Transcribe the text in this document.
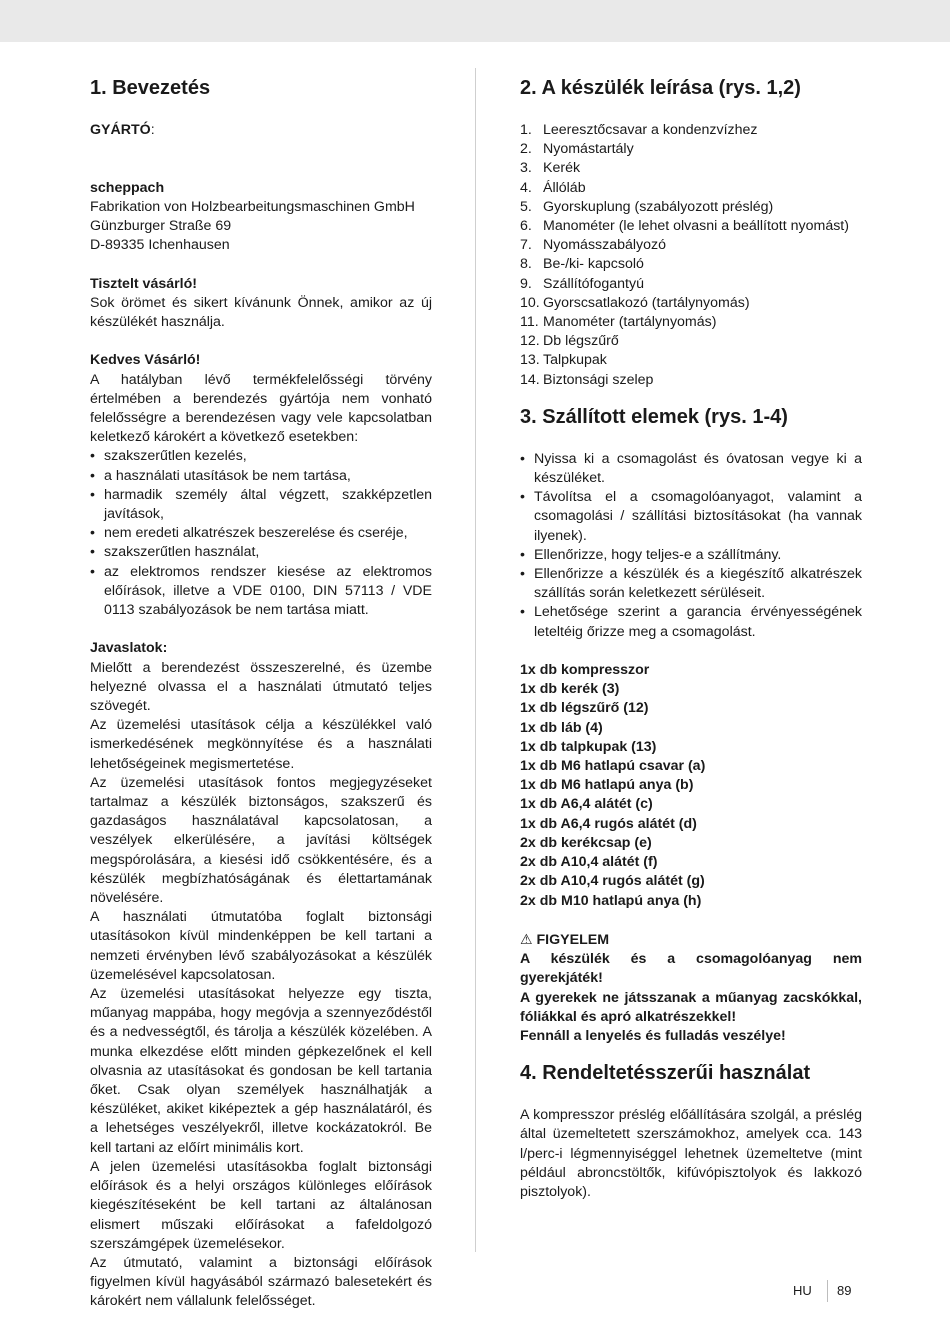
1. Bevezetés

GYÁRTÓ:

scheppach

Fabrikation von Holzbearbeitungsmaschinen GmbH

Günzburger Straße 69

D-89335 Ichenhausen

Tisztelt vásárló!

Sok örömet és sikert kívánunk Önnek, amikor az új készülékét használja.

Kedves Vásárló!

A hatályban lévő termékfelelősségi törvény értelmében a berendezés gyártója nem vonható felelősségre a berendezésen vagy vele kapcsolatban keletkező károkért a következő esetekben:

• szakszerűtlen kezelés,
• a használati utasítások be nem tartása,
• harmadik személy által végzett, szakképzetlen javítások,
• nem eredeti alkatrészek beszerelése és cseréje,
• szakszerűtlen használat,
• az elektromos rendszer kiesése az elektromos előírások, illetve a VDE 0100, DIN 57113 / VDE 0113 szabályozások be nem tartása miatt.

Javaslatok:

Mielőtt a berendezést összeszerelné, és üzembe helyezné olvassa el a használati útmutató teljes szövegét.

Az üzemelési utasítások célja a készülékkel való ismerkedésének megkönnyítése és a használati lehetőségeinek megismertetése.

Az üzemelési utasítások fontos megjegyzéseket tartalmaz a készülék biztonságos, szakszerű és gazdaságos használatával kapcsolatosan, a veszélyek elkerülésére, a javítási költségek megspórolására, a kiesési idő csökkentésére, és a készülék megbízhatóságának és élettartamának növelésére.

A használati útmutatóba foglalt biztonsági utasításokon kívül mindenképpen be kell tartani a nemzeti érvényben lévő szabályozásokat a készülék üzemelésével kapcsolatosan.

Az üzemelési utasításokat helyezze egy tiszta, műanyag mappába, hogy megóvja a szennyeződéstől és a nedvességtől, és tárolja a készülék közelében. A munka elkezdése előtt minden gépkezelőnek el kell olvasnia az utasításokat és gondosan be kell tartania őket. Csak olyan személyek használhatják a készüléket, akiket kiképeztek a gép használatáról, és a lehetséges veszélyekről, illetve kockázatokról. Be kell tartani az előírt minimális kort.

A jelen üzemelési utasításokba foglalt biztonsági előírások és a helyi országos különleges előírások kiegészítéseként be kell tartani az általánosan elismert műszaki előírásokat a fafeldolgozó szerszámgépek üzemelésekor.

Az útmutató, valamint a biztonsági előírások figyelmen kívül hagyásából származó balesetekért és károkért nem vállalunk felelősséget.

2. A készülék leírása (rys. 1,2)
1. Leeresztőcsavar a kondenzvízhez
2. Nyomástartály
3. Kerék
4. Állóláb
5. Gyorskuplung (szabályozott préslég)
6. Manométer (le lehet olvasni a beállított nyomást)
7. Nyomásszabályozó
8. Be-/ki- kapcsoló
9. Szállítófogantyú
10. Gyorscsatlakozó (tartálynyomás)
11. Manométer (tartálynyomás)
12. Db légszűrő
13. Talpkupak
14. Biztonsági szelep
3. Szállított elemek (rys. 1-4)
• Nyissa ki a csomagolást és óvatosan vegye ki a készüléket.
• Távolítsa el a csomagolóanyagot, valamint a csomagolási / szállítási biztosításokat (ha vannak ilyenek).
• Ellenőrizze, hogy teljes-e a szállítmány.
• Ellenőrizze a készülék és a kiegészítő alkatrészek szállítás során keletkezett sérüléseit.
• Lehetősége szerint a garancia érvényességének leteltéig őrizze meg a csomagolást.

1x db kompresszor

1x db kerék (3)

1x db légszűrő (12)

1x db láb (4)

1x db talpkupak (13)

1x db M6 hatlapú csavar (a)

1x db M6 hatlapú anya (b)

1x db A6,4 alátét (c)

1x db A6,4 rugós alátét (d)

2x db kerékcsap (e)

2x db A10,4 alátét (f)

2x db A10,4 rugós alátét (g)

2x db M10 hatlapú anya (h)

⚠ FIGYELEM

A készülék és a csomagolóanyag nem gyerekjáték!

A gyerekek ne játsszanak a műanyag zacskókkal, fóliákkal és apró alkatrészekkel!

Fennáll a lenyelés és fulladás veszélye!

4. Rendeltetésszerűi használat

A kompresszor préslég előállítására szolgál, a préslég által üzemeltetett szerszámokhoz, amelyek cca. 143 l/perc-i légmennyiséggel lehetnek üzemeltetve (mint például abroncstöltők, kifúvópisztolyok és lakkozó pisztolyok).

HU 89
